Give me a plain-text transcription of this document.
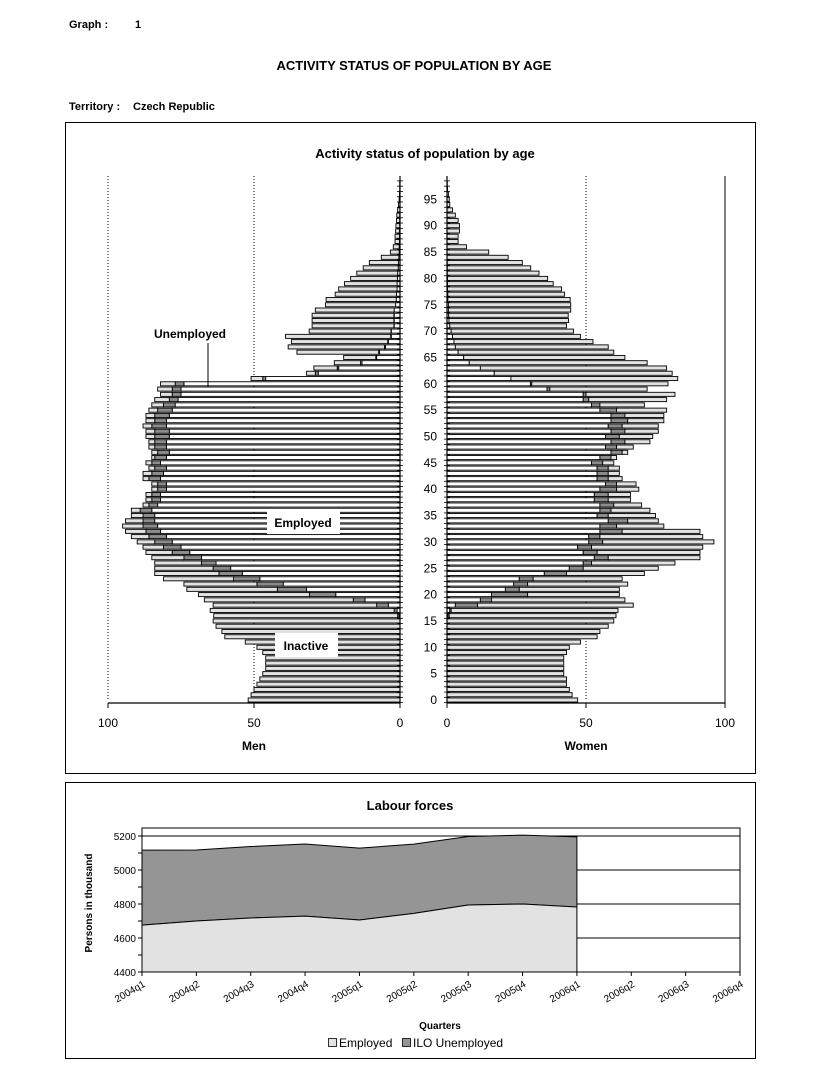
Graph : 1
ACTIVITY STATUS OF POPULATION BY AGE
Territory : Czech Republic
Activity status of population by age
0
5
10
15
20
25
30
35
40
45
50
55
60
65
70
75
80
85
90
95
100	50	0	0	50	100
Men	Women
Unemployed
Employed
Inactive
Labour forces
4400
4600
4800
5000
5200
2004q1 2004q2 2004q3 2004q4 2005q1 2005q2 2005q3 2005q4 2006q1 2006q2 2006q3 2006q4
Persons in thousand
Quarters
Employed ILO Unemployed
